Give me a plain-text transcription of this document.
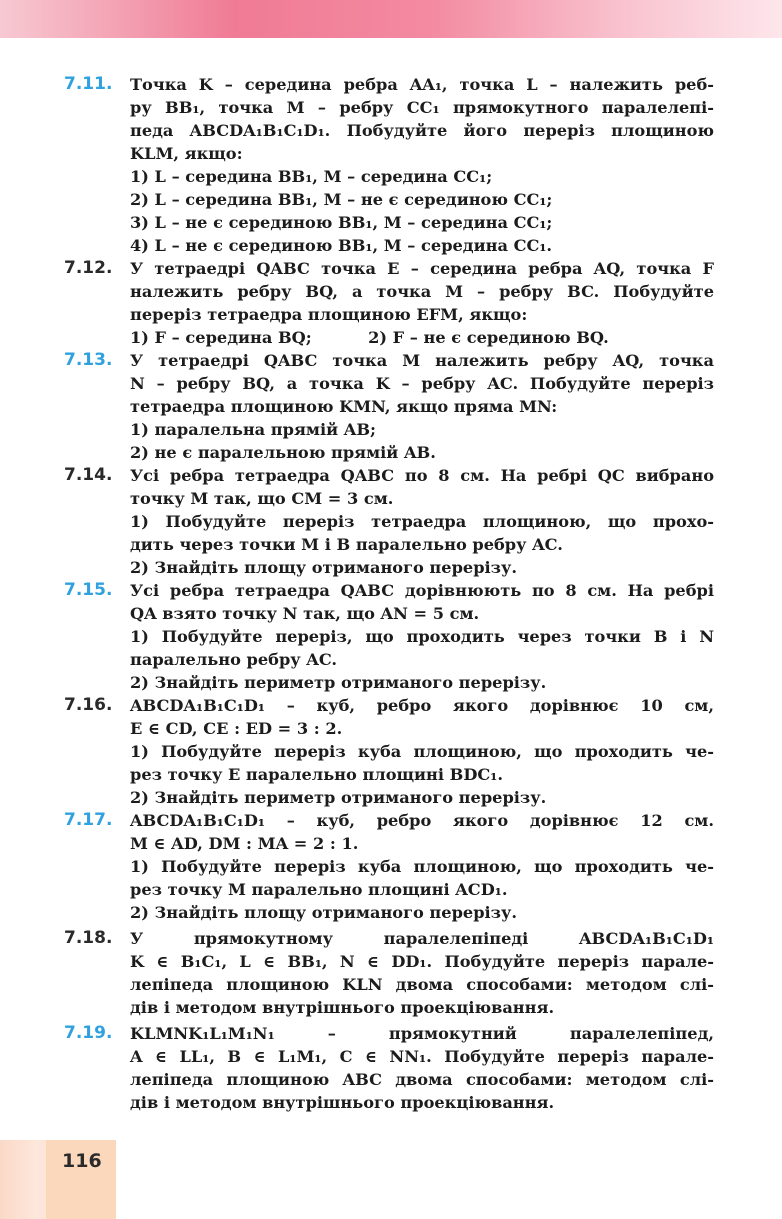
116
7.11.	Точка K – середина ребра AA₁, точка L – належить реб-
ру BB₁, точка M – ребру CC₁ прямокутного паралелепі-
педа ABCDA₁B₁C₁D₁. Побудуйте його переріз площиною
KLM, якщо:
1) L – середина BB₁, M – середина CC₁;
2) L – середина BB₁, M – не є серединою CC₁;
3) L – не є серединою BB₁, M – середина CC₁;
4) L – не є серединою BB₁, M – середина CC₁.
7.12.	У тетраедрі QABC точка E – середина ребра AQ, точка F
належить ребру BQ, а точка M – ребру BC. Побудуйте
переріз тетраедра площиною EFM, якщо:
1) F – середина BQ;          2) F – не є серединою BQ.
7.13.	У тетраедрі QABC точка M належить ребру AQ, точка
N – ребру BQ, а точка K – ребру AC. Побудуйте переріз
тетраедра площиною KMN, якщо пряма MN:
1) паралельна прямій AB;
2) не є паралельною прямій AB.
7.14.	Усі ребра тетраедра QABC по 8 см. На ребрі QC вибрано
точку M так, що CM = 3 см.
1) Побудуйте переріз тетраедра площиною, що прохо-
дить через точки M і B паралельно ребру AC.
2) Знайдіть площу отриманого перерізу.
7.15.	Усі ребра тетраедра QABC дорівнюють по 8 см. На ребрі
QA взято точку N так, що AN = 5 см.
1) Побудуйте переріз, що проходить через точки B і N
паралельно ребру AC.
2) Знайдіть периметр отриманого перерізу.
7.16.	ABCDA₁B₁C₁D₁ – куб, ребро якого дорівнює 10 см,
E ∈ CD, CE : ED = 3 : 2.
1) Побудуйте переріз куба площиною, що проходить че-
рез точку E паралельно площині BDC₁.
2) Знайдіть периметр отриманого перерізу.
7.17.	ABCDA₁B₁C₁D₁ – куб, ребро якого дорівнює 12 см.
M ∈ AD, DM : MA = 2 : 1.
1) Побудуйте переріз куба площиною, що проходить че-
рез точку M паралельно площині ACD₁.
2) Знайдіть площу отриманого перерізу.
7.18.	У прямокутному паралелепіпеді ABCDA₁B₁C₁D₁
K ∈ B₁C₁, L ∈ BB₁, N ∈ DD₁. Побудуйте переріз парале-
лепіпеда площиною KLN двома способами: методом слі-
дів і методом внутрішнього проекціювання.
7.19.	KLMNK₁L₁M₁N₁ – прямокутний паралелепіпед,
A ∈ LL₁, B ∈ L₁M₁, C ∈ NN₁. Побудуйте переріз парале-
лепіпеда площиною ABC двома способами: методом слі-
дів і методом внутрішнього проекціювання.
